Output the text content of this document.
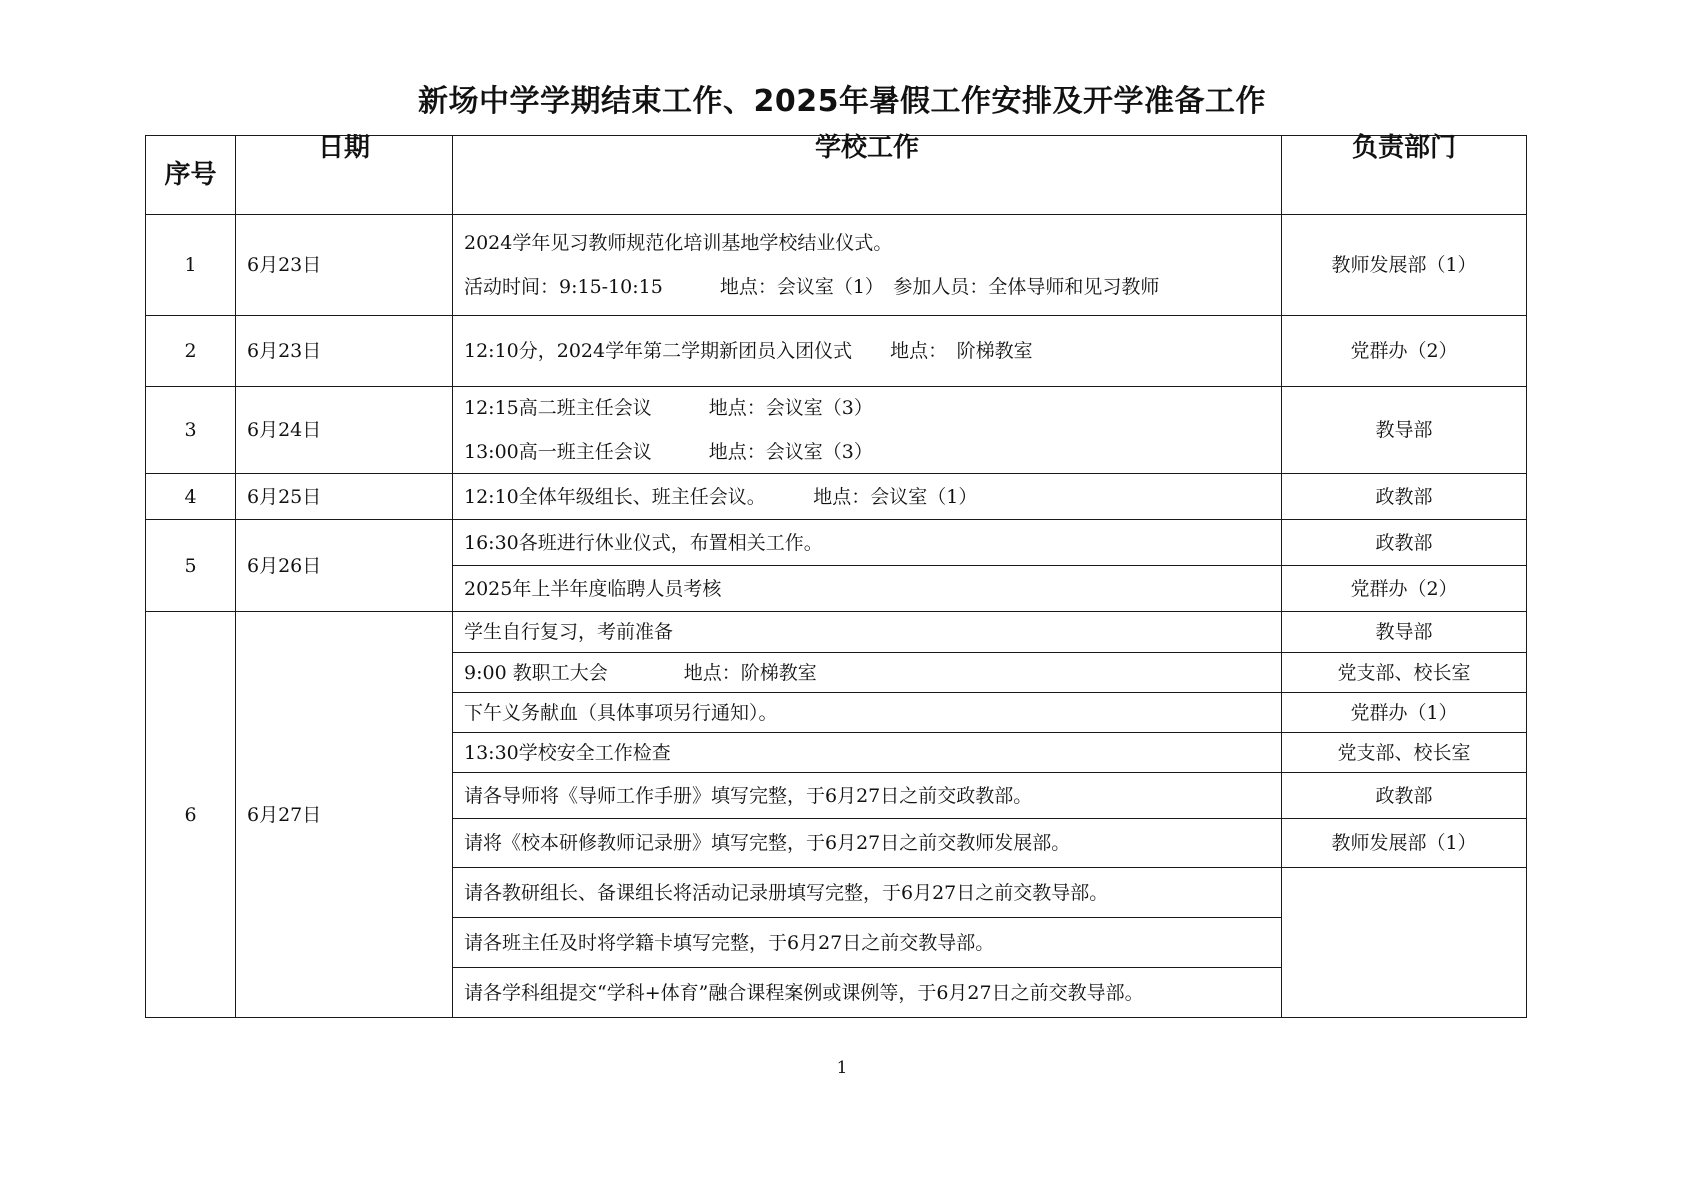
新场中学学期结束工作、2025年暑假工作安排及开学准备工作
序号	日期	学校工作	负责部门
1	6月23日	2024学年见习教师规范化培训基地学校结业仪式。
活动时间：9:15-10:15　　　地点：会议室（1）　参加人员：全体导师和见习教师	教师发展部（1）
2	6月23日	12:10分，2024学年第二学期新团员入团仪式　　地点：　阶梯教室	党群办（2）
3	6月24日	12:15高二班主任会议　　　地点：会议室（3）
13:00高一班主任会议　　　地点：会议室（3）	教导部
4	6月25日	12:10全体年级组长、班主任会议。　　　地点：会议室（1）	政教部
5	6月26日	16:30各班进行休业仪式，布置相关工作。	政教部

		2025年上半年度临聘人员考核	党群办（2）
6	6月27日	学生自行复习，考前准备	教导部

		9:00 教职工大会　　　　地点：阶梯教室	党支部、校长室

		下午义务献血（具体事项另行通知）。	党群办（1）

		13:30学校安全工作检查	党支部、校长室

		请各导师将《导师工作手册》填写完整，于6月27日之前交政教部。	政教部

		请将《校本研修教师记录册》填写完整，于6月27日之前交教师发展部。	教师发展部（1）

		请各教研组长、备课组长将活动记录册填写完整，于6月27日之前交教导部。	

		请各班主任及时将学籍卡填写完整，于6月27日之前交教导部。	

		请各学科组提交“学科+体育”融合课程案例或课例等，于6月27日之前交教导部。	
1
